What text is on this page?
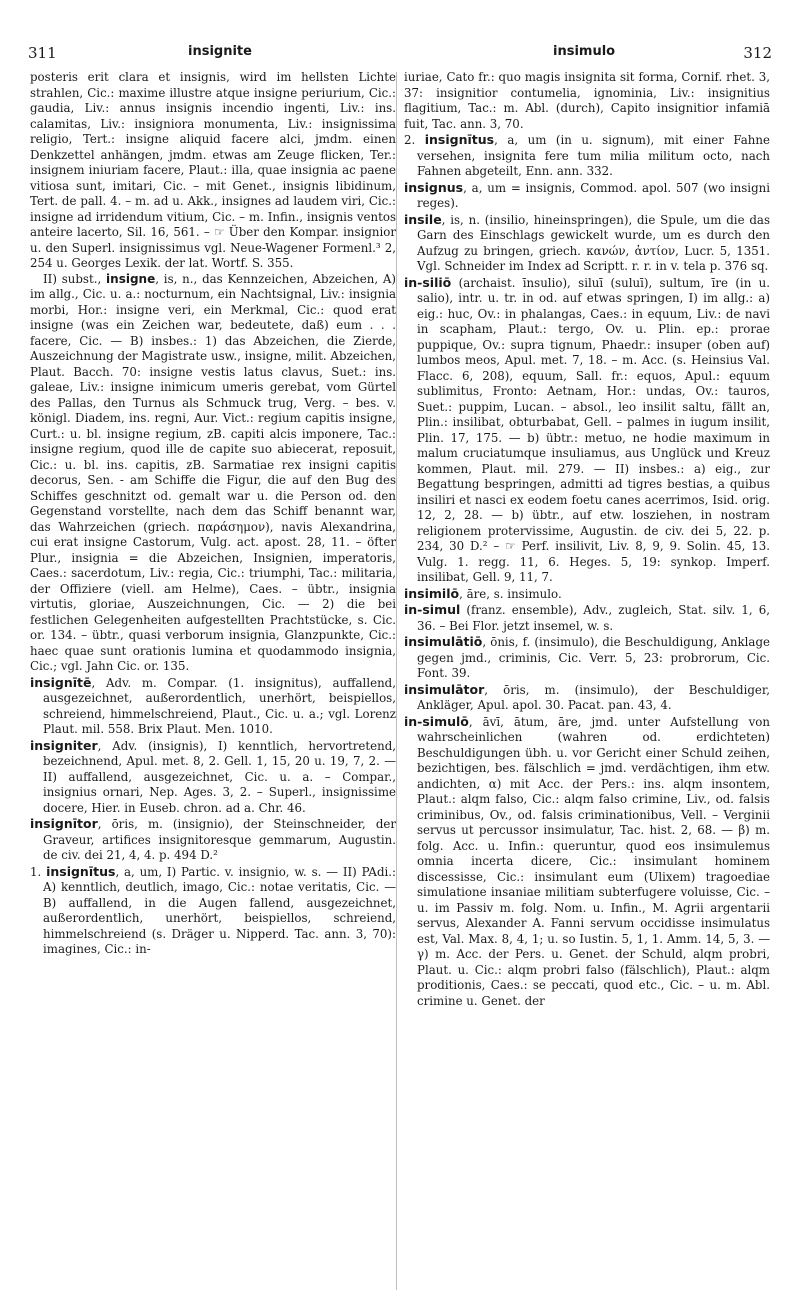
311	insignite	insimulo	312
posteris erit clara et insignis, wird im hellsten Lichte strahlen, Cic.: maxime illustre atque insigne periurium, Cic.: gaudia, Liv.: annus insignis incendio ingenti, Liv.: ins. calamitas, Liv.: insigniora monumenta, Liv.: insignissima religio, Tert.: insigne aliquid facere alci, jmdm. einen Denkzettel anhängen, jmdm. etwas am Zeuge flicken, Ter.: insignem iniuriam facere, Plaut.: illa, quae insignia ac paene vitiosa sunt, imitari, Cic. – mit Genet., insignis libidinum, Tert. de pall. 4. – m. ad u. Akk., insignes ad laudem viri, Cic.: insigne ad irridendum vitium, Cic. – m. Infin., insignis ventos anteire lacerto, Sil. 16, 561. – ☞ Über den Kompar. insignior u. den Superl. insignissimus vgl. Neue-Wagener Formenl.³ 2, 254 u. Georges Lexik. der lat. Wortf. S. 355.
II) subst., insigne, is, n., das Kennzeichen, Abzeichen, A) im allg., Cic. u. a.: nocturnum, ein Nachtsignal, Liv.: insignia morbi, Hor.: insigne veri, ein Merkmal, Cic.: quod erat insigne (was ein Zeichen war, bedeutete, daß) eum . . . facere, Cic. — B) insbes.: 1) das Abzeichen, die Zierde, Auszeichnung der Magistrate usw., insigne, milit. Abzeichen, Plaut. Bacch. 70: insigne vestis latus clavus, Suet.: ins. galeae, Liv.: insigne inimicum umeris gerebat, vom Gürtel des Pallas, den Turnus als Schmuck trug, Verg. – bes. v. königl. Diadem, ins. regni, Aur. Vict.: regium capitis insigne, Curt.: u. bl. insigne regium, zB. capiti alcis imponere, Tac.: insigne regium, quod ille de capite suo abiecerat, reposuit, Cic.: u. bl. ins. capitis, zB. Sarmatiae rex insigni capitis decorus, Sen. - am Schiffe die Figur, die auf den Bug des Schiffes geschnitzt od. gemalt war u. die Person od. den Gegenstand vorstellte, nach dem das Schiff benannt war, das Wahrzeichen (griech. παράσημον), navis Alexandrina, cui erat insigne Castorum, Vulg. act. apost. 28, 11. – öfter Plur., insignia = die Abzeichen, Insignien, imperatoris, Caes.: sacerdotum, Liv.: regia, Cic.: triumphi, Tac.: militaria, der Offiziere (viell. am Helme), Caes. – übtr., insignia virtutis, gloriae, Auszeichnungen, Cic. — 2) die bei festlichen Gelegenheiten aufgestellten Prachtstücke, s. Cic. or. 134. – übtr., quasi verborum insignia, Glanzpunkte, Cic.: haec quae sunt orationis lumina et quodammodo insignia, Cic.; vgl. Jahn Cic. or. 135.
insignītē, Adv. m. Compar. (1. insignitus), auffallend, ausgezeichnet, außerordentlich, unerhört, beispiellos, schreiend, himmelschreiend, Plaut., Cic. u. a.; vgl. Lorenz Plaut. mil. 558. Brix Plaut. Men. 1010.
insigniter, Adv. (insignis), I) kenntlich, hervortretend, bezeichnend, Apul. met. 8, 2. Gell. 1, 15, 20 u. 19, 7, 2. — II) auffallend, ausgezeichnet, Cic. u. a. – Compar., insignius ornari, Nep. Ages. 3, 2. – Superl., insignissime docere, Hier. in Euseb. chron. ad a. Chr. 46.
insignītor, ōris, m. (insignio), der Steinschneider, der Graveur, artifices insignitoresque gemmarum, Augustin. de civ. dei 21, 4, 4. p. 494 D.²
1. insignītus, a, um, I) Partic. v. insignio, w. s. — II) PAdi.: A) kenntlich, deutlich, imago, Cic.: notae veritatis, Cic. — B) auffallend, in die Augen fallend, ausgezeichnet, außerordentlich, unerhört, beispiellos, schreiend, himmelschreiend (s. Dräger u. Nipperd. Tac. ann. 3, 70): imagines, Cic.: in-
iuriae, Cato fr.: quo magis insignita sit forma, Cornif. rhet. 3, 37: insignitior contumelia, ignominia, Liv.: insignitius flagitium, Tac.: m. Abl. (durch), Capito insignitior infamiā fuit, Tac. ann. 3, 70.
2. insignītus, a, um (in u. signum), mit einer Fahne versehen, insignita fere tum milia militum octo, nach Fahnen abgeteilt, Enn. ann. 332.
insignus, a, um = insignis, Commod. apol. 507 (wo insigni reges).
insile, is, n. (insilio, hineinspringen), die Spule, um die das Garn des Einschlags gewickelt wurde, um es durch den Aufzug zu bringen, griech. κανών, ἀντίον, Lucr. 5, 1351. Vgl. Schneider im Index ad Scriptt. r. r. in v. tela p. 376 sq.
in-siliō (archaist. īnsulio), siluī (suluī), sultum, īre (in u. salio), intr. u. tr. in od. auf etwas springen, I) im allg.: a) eig.: huc, Ov.: in phalangas, Caes.: in equum, Liv.: de navi in scapham, Plaut.: tergo, Ov. u. Plin. ep.: prorae puppique, Ov.: supra tignum, Phaedr.: insuper (oben auf) lumbos meos, Apul. met. 7, 18. – m. Acc. (s. Heinsius Val. Flacc. 6, 208), equum, Sall. fr.: equos, Apul.: equum sublimitus, Fronto: Aetnam, Hor.: undas, Ov.: tauros, Suet.: puppim, Lucan. – absol., leo insilit saltu, fällt an, Plin.: insilibat, obturbabat, Gell. – palmes in iugum insilit, Plin. 17, 175. — b) übtr.: metuo, ne hodie maximum in malum cruciatumque insuliamus, aus Unglück und Kreuz kommen, Plaut. mil. 279. — II) insbes.: a) eig., zur Begattung bespringen, admitti ad tigres bestias, a quibus insiliri et nasci ex eodem foetu canes acerrimos, Isid. orig. 12, 2, 28. — b) übtr., auf etw. losziehen, in nostram religionem protervissime, Augustin. de civ. dei 5, 22. p. 234, 30 D.² – ☞ Perf. insilivit, Liv. 8, 9, 9. Solin. 45, 13. Vulg. 1. regg. 11, 6. Heges. 5, 19: synkop. Imperf. insilibat, Gell. 9, 11, 7.
insimilō, āre, s. insimulo.
in-simul (franz. ensemble), Adv., zugleich, Stat. silv. 1, 6, 36. – Bei Flor. jetzt insemel, w. s.
insimulātiō, ōnis, f. (insimulo), die Beschuldigung, Anklage gegen jmd., criminis, Cic. Verr. 5, 23: probrorum, Cic. Font. 39.
insimulātor, ōris, m. (insimulo), der Beschuldiger, Ankläger, Apul. apol. 30. Pacat. pan. 43, 4.
in-simulō, āvī, ātum, āre, jmd. unter Aufstellung von wahrscheinlichen (wahren od. erdichteten) Beschuldigungen übh. u. vor Gericht einer Schuld zeihen, bezichtigen, bes. fälschlich = jmd. verdächtigen, ihm etw. andichten, α) mit Acc. der Pers.: ins. alqm insontem, Plaut.: alqm falso, Cic.: alqm falso crimine, Liv., od. falsis criminibus, Ov., od. falsis criminationibus, Vell. – Verginii servus ut percussor insimulatur, Tac. hist. 2, 68. — β) m. folg. Acc. u. Infin.: queruntur, quod eos insimulemus omnia incerta dicere, Cic.: insimulant hominem discessisse, Cic.: insimulant eum (Ulixem) tragoediae simulatione insaniae militiam subterfugere voluisse, Cic. – u. im Passiv m. folg. Nom. u. Infin., M. Agrii argentarii servus, Alexander A. Fanni servum occidisse insimulatus est, Val. Max. 8, 4, 1; u. so Iustin. 5, 1, 1. Amm. 14, 5, 3. — γ) m. Acc. der Pers. u. Genet. der Schuld, alqm probri, Plaut. u. Cic.: alqm probri falso (fälschlich), Plaut.: alqm proditionis, Caes.: se peccati, quod etc., Cic. – u. m. Abl. crimine u. Genet. der
